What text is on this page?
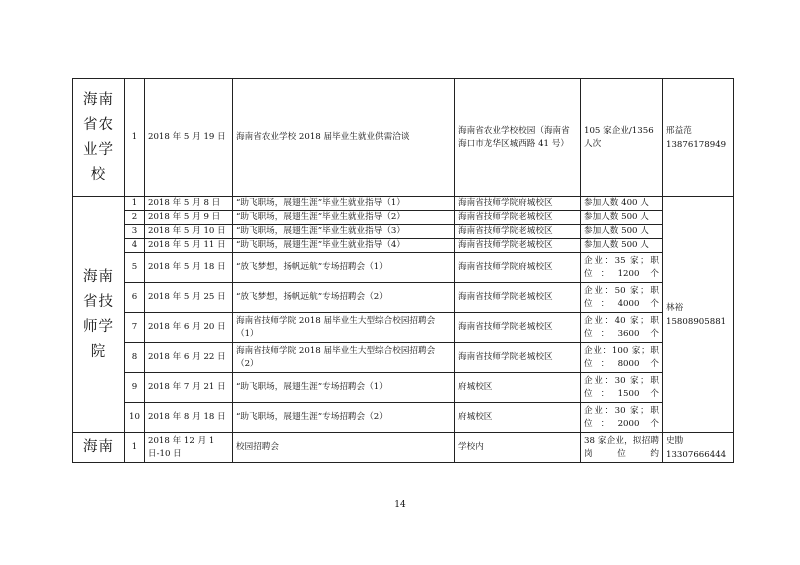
海南省农业学校	1	2018 年 5 月 19 日	海南省农业学校 2018 届毕业生就业供需洽谈	海南省农业学校校园（海南省海口市龙华区城西路 41 号）	105 家企业/1356 人次	邢益范
13876178949

海南省技师学院	1	2018 年 5 月 8 日	“助飞职场，展翅生涯”毕业生就业指导（1）	海南省技师学院府城校区	参加人数 400 人	林裕
15808905881

	2	2018 年 5 月 9 日	“助飞职场，展翅生涯”毕业生就业指导（2）	海南省技师学院老城校区	参加人数 500 人	
	3	2018 年 5 月 10 日	“助飞职场，展翅生涯”毕业生就业指导（3）	海南省技师学院老城校区	参加人数 500 人	
	4	2018 年 5 月 11 日	“助飞职场，展翅生涯”毕业生就业指导（4）	海南省技师学院老城校区	参加人数 500 人	
	5	2018 年 5 月 18 日	“放飞梦想，扬帆远航”专场招聘会（1）	海南省技师学院府城校区	企业：35 家；职位：1200 个	
	6	2018 年 5 月 25 日	“放飞梦想，扬帆远航”专场招聘会（2）	海南省技师学院老城校区	企业：50 家；职位：4000 个	
	7	2018 年 6 月 20 日	海南省技师学院 2018 届毕业生大型综合校园招聘会（1）	海南省技师学院老城校区	企业：40 家；职位：3600 个	
	8	2018 年 6 月 22 日	海南省技师学院 2018 届毕业生大型综合校园招聘会（2）	海南省技师学院老城校区	企业：100 家；职位：8000 个	
	9	2018 年 7 月 21 日	“助飞职场，展翅生涯”专场招聘会（1）	府城校区	企业：30 家；职位：1500 个	
	10	2018 年 8 月 18 日	“助飞职场，展翅生涯”专场招聘会（2）	府城校区	企业：30 家；职位：2000 个	
海南	1	2018 年 12 月 1 日-10 日	校园招聘会	学校内	38 家企业，拟招聘岗位约	史勖
13307666444
14
